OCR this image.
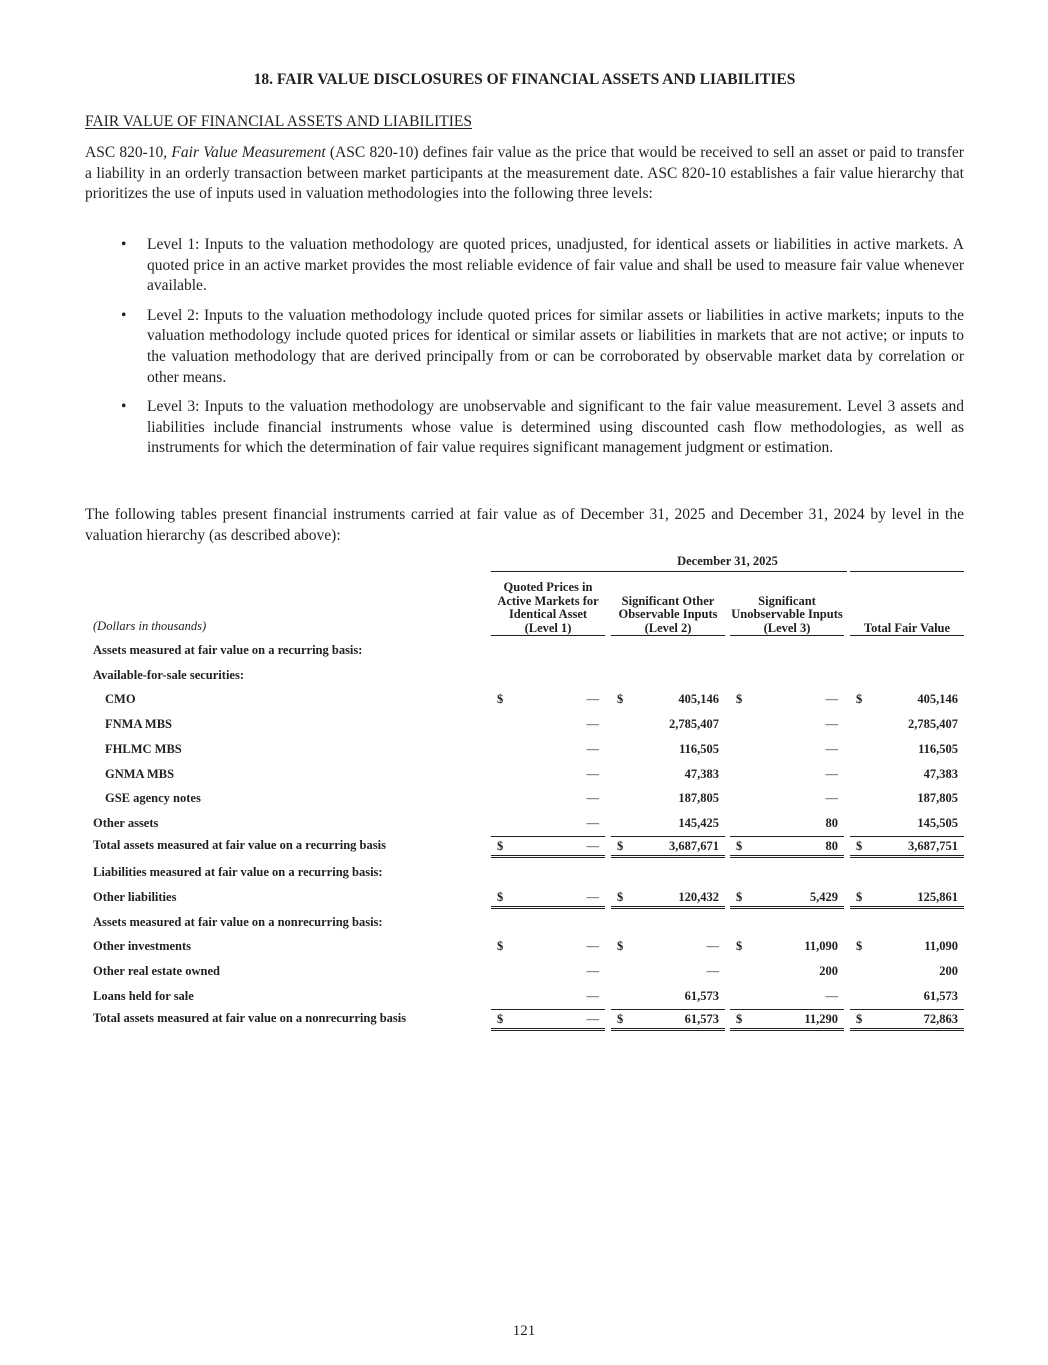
18. FAIR VALUE DISCLOSURES OF FINANCIAL ASSETS AND LIABILITIES
FAIR VALUE OF FINANCIAL ASSETS AND LIABILITIES

ASC 820-10, Fair Value Measurement (ASC 820-10) defines fair value as the price that would be received to sell an asset or paid to transfer a liability in an orderly transaction between market participants at the measurement date. ASC 820-10 establishes a fair value hierarchy that prioritizes the use of inputs used in valuation methodologies into the following three levels:

• Level 1: Inputs to the valuation methodology are quoted prices, unadjusted, for identical assets or liabilities in active markets. A quoted price in an active market provides the most reliable evidence of fair value and shall be used to measure fair value whenever available.
• Level 2: Inputs to the valuation methodology include quoted prices for similar assets or liabilities in active markets; inputs to the valuation methodology include quoted prices for identical or similar assets or liabilities in markets that are not active; or inputs to the valuation methodology that are derived principally from or can be corroborated by observable market data by correlation or other means.
• Level 3: Inputs to the valuation methodology are unobservable and significant to the fair value measurement. Level 3 assets and liabilities include financial instruments whose value is determined using discounted cash flow methodologies, as well as instruments for which the determination of fair value requires significant management judgment or estimation.

The following tables present financial instruments carried at fair value as of December 31, 2025 and December 31, 2024 by level in the valuation hierarchy (as described above):

December 31, 2025
Quoted Prices in Active Markets for Identical Asset (Level 1)
Significant Other Observable Inputs (Level 2)
Significant Unobservable Inputs (Level 3)	Total Fair Value
(Dollars in thousands)
Assets measured at fair value on a recurring basis:
Available-for-sale securities:
CMO	$	— $	405,146 $	— $	405,146
FNMA MBS	—	2,785,407	—	2,785,407
FHLMC MBS	—	116,505	—	116,505
GNMA MBS	—	47,383	—	47,383
GSE agency notes	—	187,805	—	187,805
Other assets	—	145,425	80	145,505
Total assets measured at fair value on a recurring basis	$	— $	3,687,671 $	80 $	3,687,751
Liabilities measured at fair value on a recurring basis:
Other liabilities	$	— $	120,432 $	5,429 $	125,861
Assets measured at fair value on a nonrecurring basis:
Other investments	$	— $	— $	11,090 $	11,090
Other real estate owned	—	—	200	200
Loans held for sale	—	61,573	—	61,573
Total assets measured at fair value on a nonrecurring basis	$	— $	61,573 $	11,290 $	72,863
121
